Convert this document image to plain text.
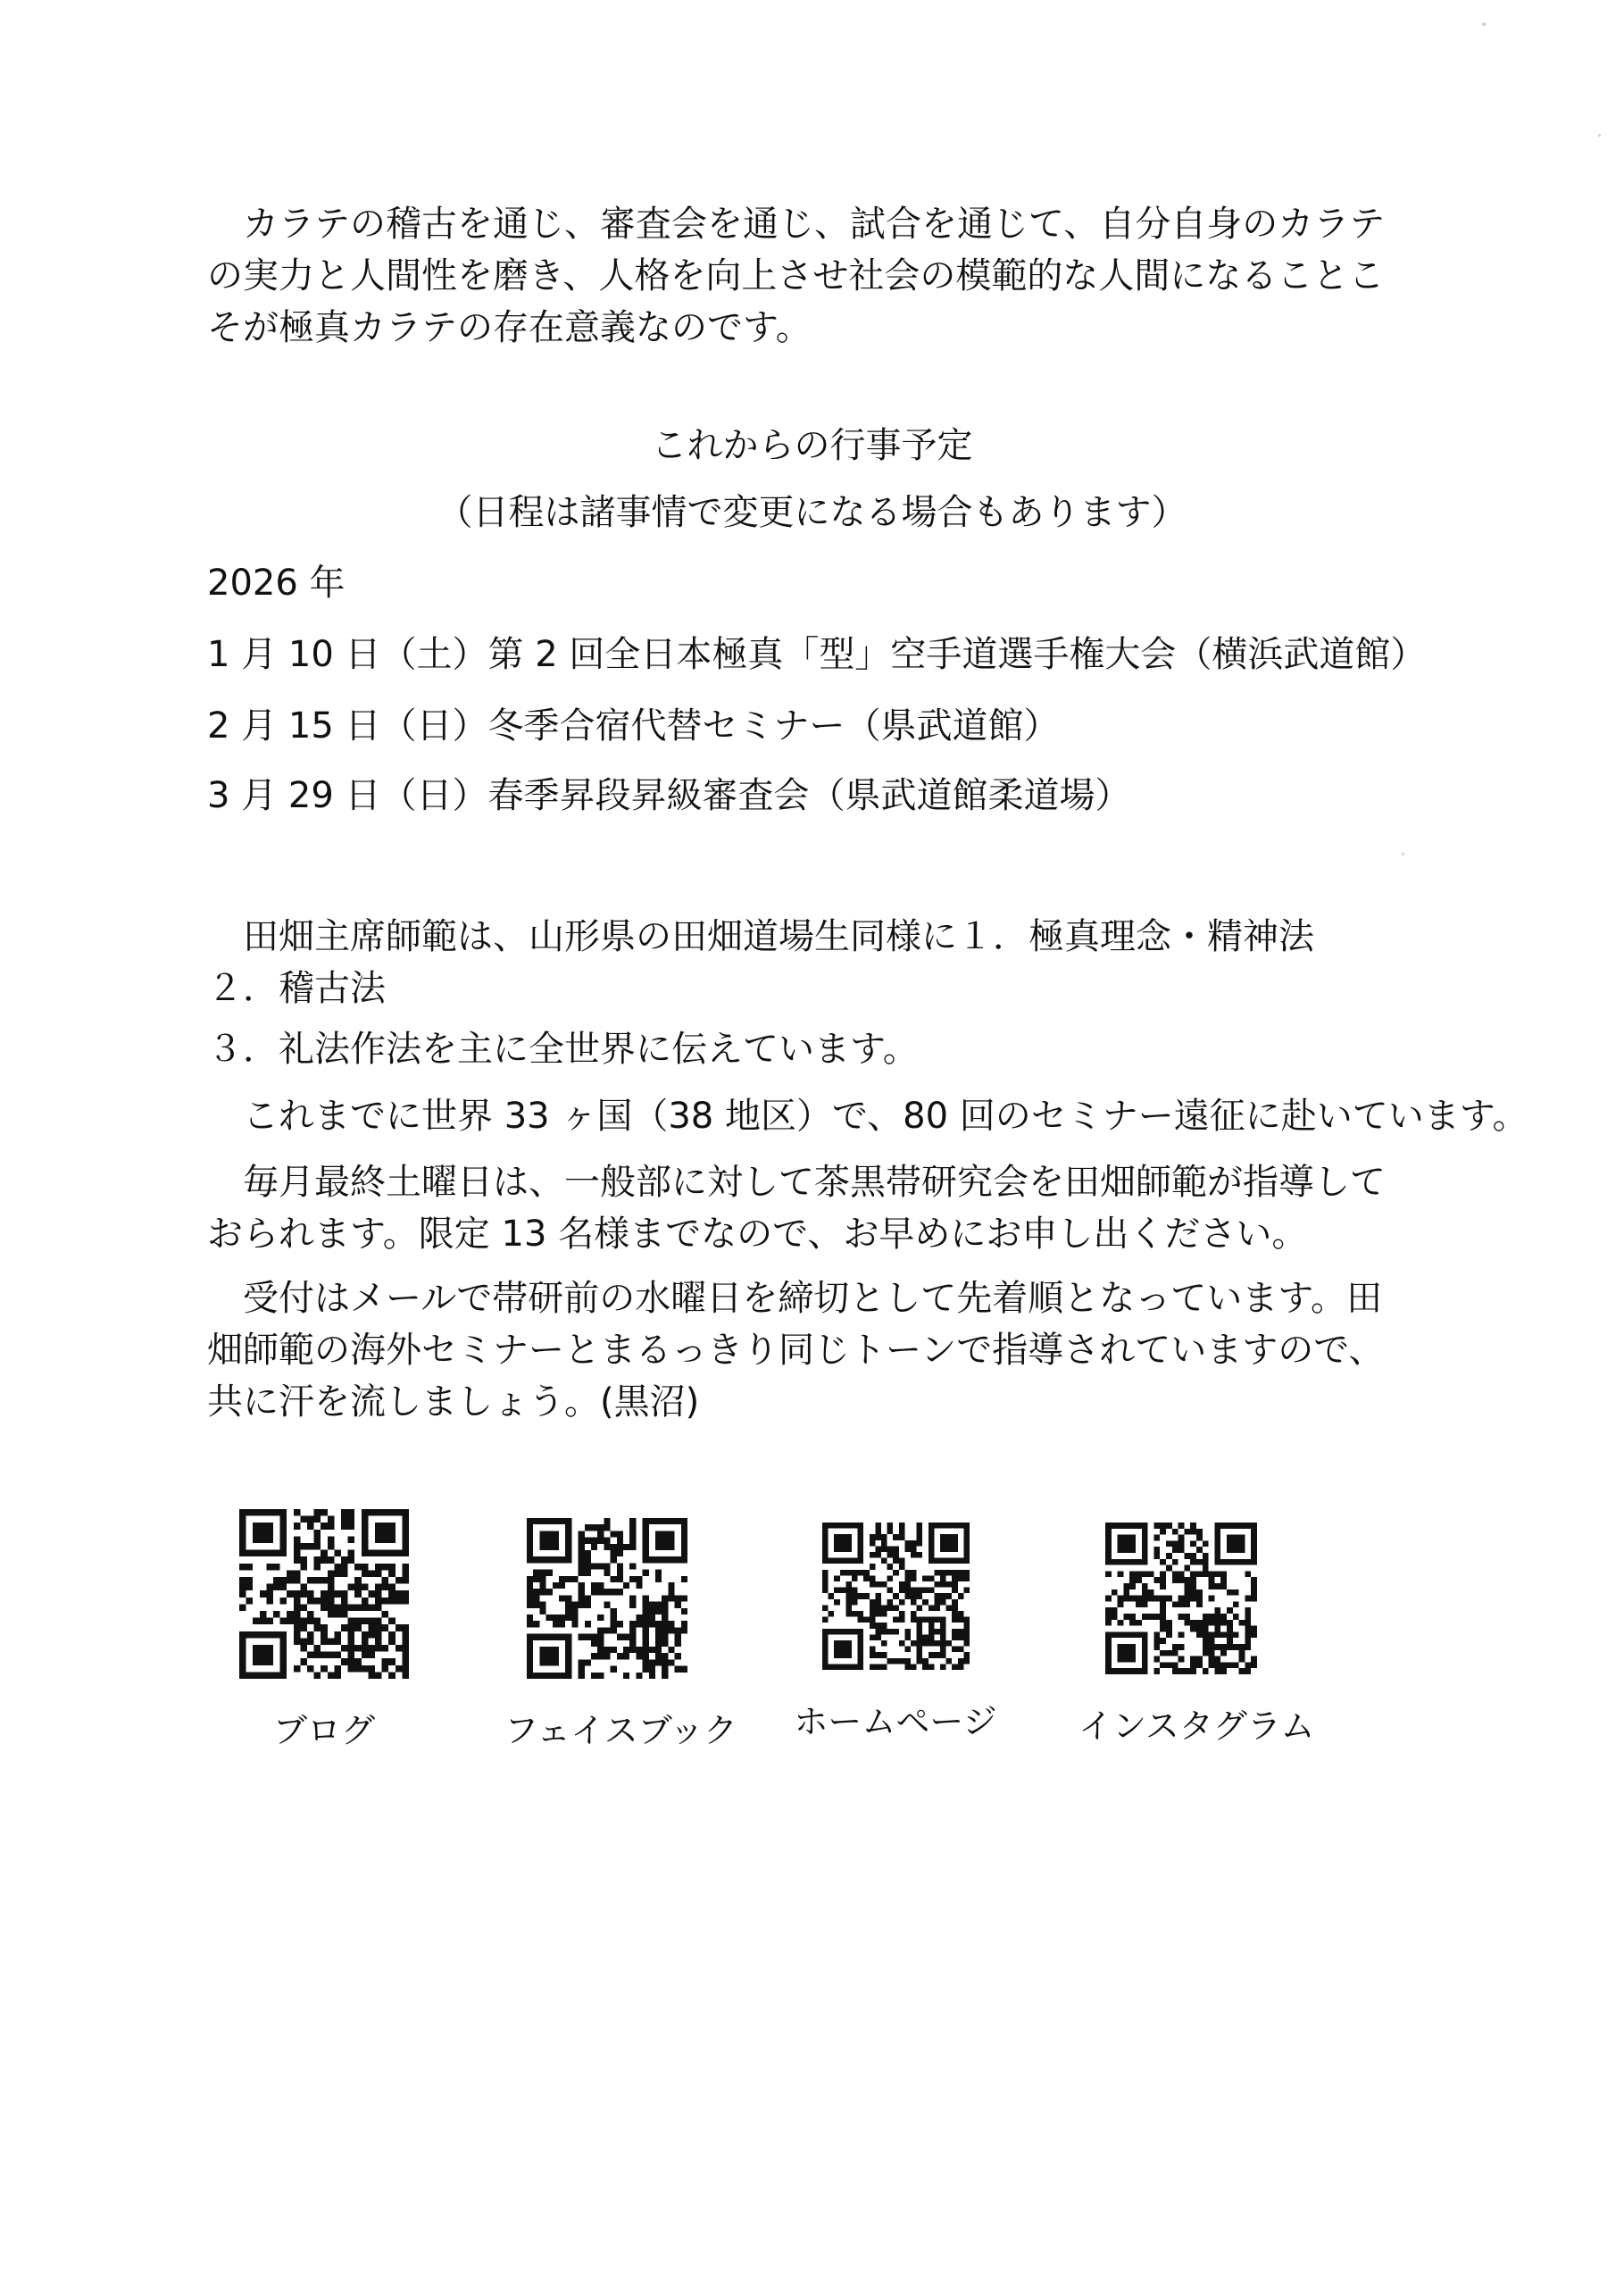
カラテの稽古を通じ、審査会を通じ、試合を通じて、自分自身のカラテの実力と人間性を磨き、人格を向上させ社会の模範的な人間になることこそが極真カラテの存在意義なのです。

これからの行事予定

（日程は諸事情で変更になる場合もあります）

2026 年

1 月 10 日（土）第 2 回全日本極真「型」空手道選手権大会（横浜武道館）

2 月 15 日（日）冬季合宿代替セミナー（県武道館）

3 月 29 日（日）春季昇段昇級審査会（県武道館柔道場）

田畑主席師範は、山形県の田畑道場生同様に１．極真理念・精神法　２．稽古法

３．礼法作法を主に全世界に伝えています。

これまでに世界 33 ヶ国（38 地区）で、80 回のセミナー遠征に赴いています。

毎月最終土曜日は、一般部に対して茶黒帯研究会を田畑師範が指導しておられます。限定 13 名様までなので、お早めにお申し出ください。

受付はメールで帯研前の水曜日を締切として先着順となっています。田畑師範の海外セミナーとまるっきり同じトーンで指導されていますので、共に汗を流しましょう。(黒沼)

ブログ	フェイスブック ホームページ インスタグラム
